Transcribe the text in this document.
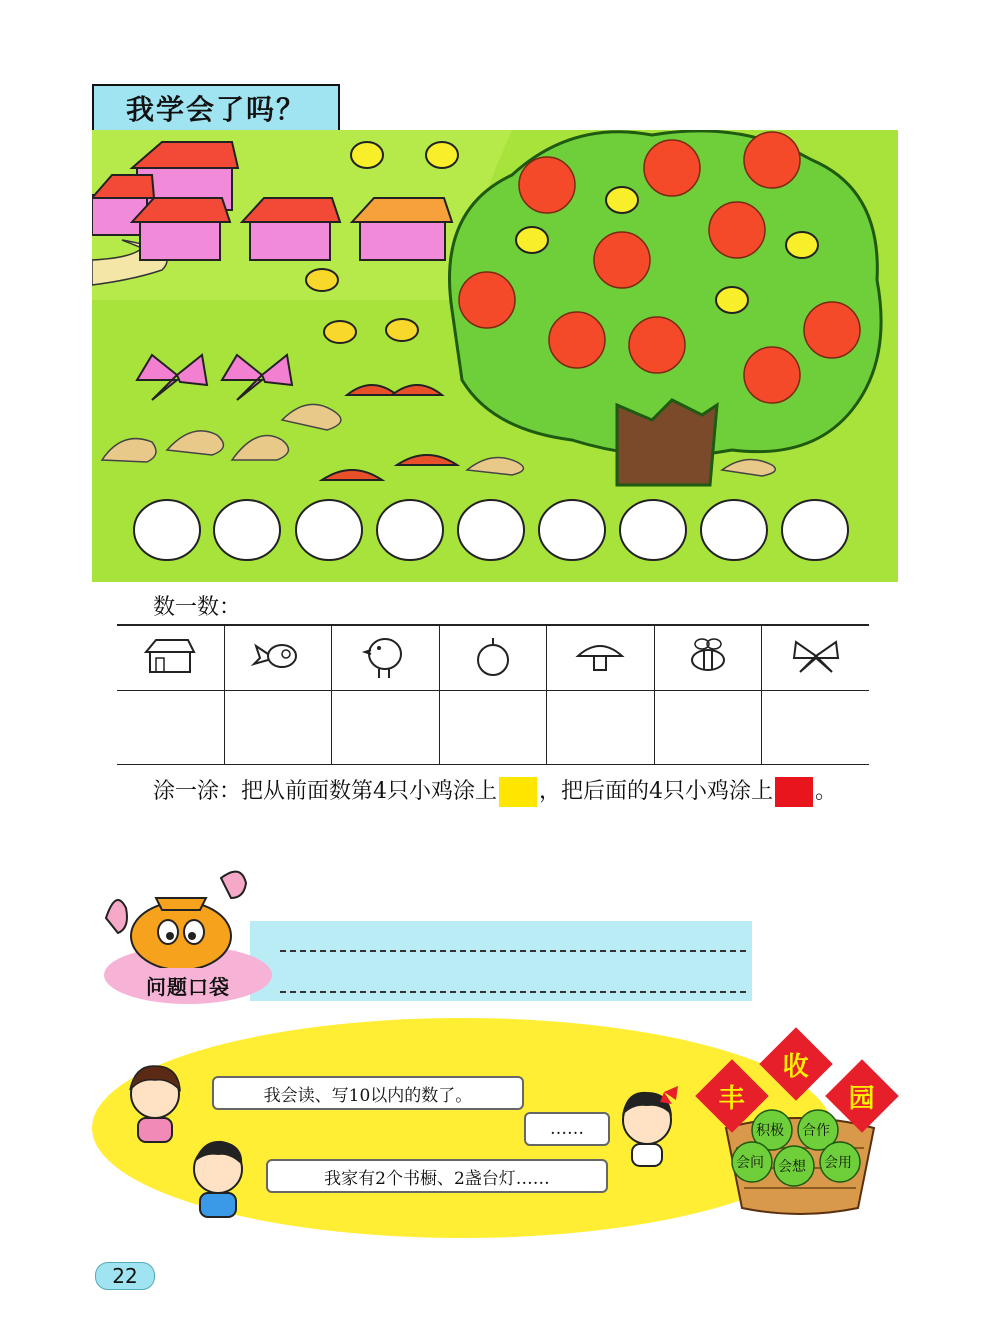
我学会了吗？
数一数：

涂一涂：把从前面数第4只小鸡涂上 ，把后面的4只小鸡涂上 。
问题口袋
我会读、写10以内的数了。
……
我家有2个书橱、2盏台灯……
积极 合作
会问 会想 会用
丰
收
园
22
